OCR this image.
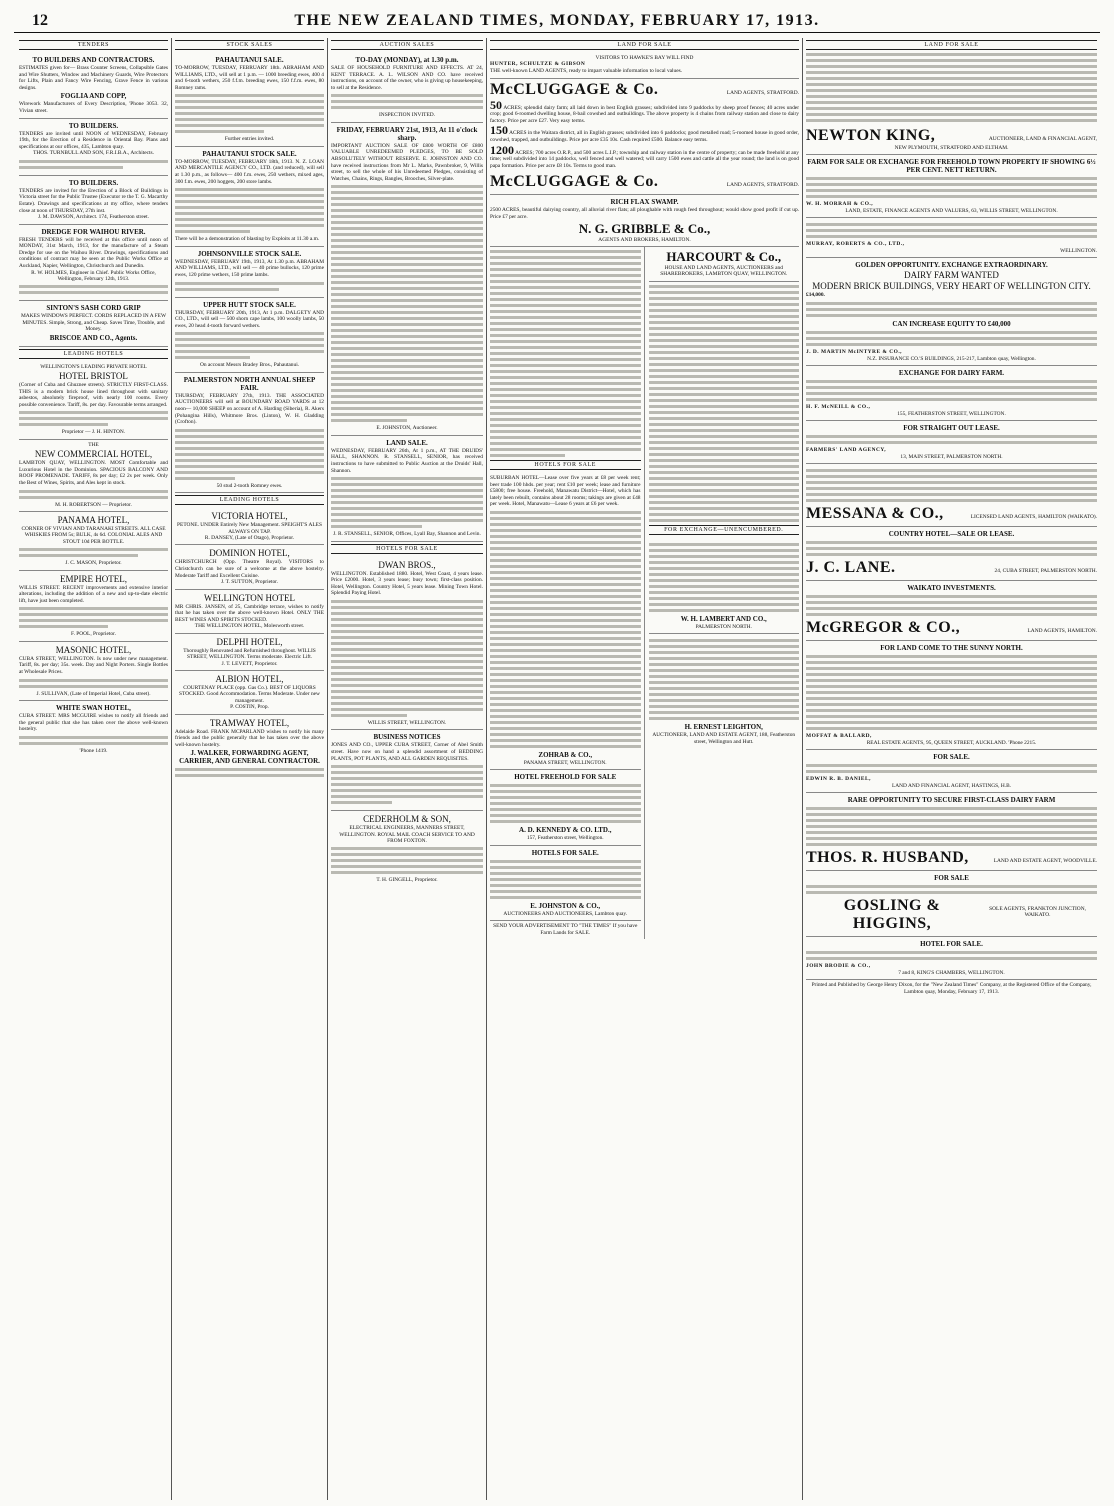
12	THE NEW ZEALAND TIMES, MONDAY, FEBRUARY 17, 1913.
TENDERS

TO BUILDERS AND CONTRACTORS.

ESTIMATES given for— Brass Counter Screens, Collapsible Gates and Wire Shutters, Window and Machinery Guards, Wire Protectors for Lifts, Plain and Fancy Wire Fencing, Grave Fence in various designs.

FOGLIA AND COPP,

Wirework Manufacturers of Every Description, 'Phone 3053. 32, Vivian street.

TO BUILDERS.

TENDERS are invited until NOON of WEDNESDAY, February 19th, for the Erection of a Residence in Oriental Bay. Plans and specifications at our offices, 435, Lambton quay.

THOS. TURNBULL AND SON, F.R.I.B.A., Architects.

TO BUILDERS.

TENDERS are invited for the Erection of a Block of Buildings in Victoria street for the Public Trustee (Executor re the T. G. Macarthy Estate). Drawings and specifications at my office, where tenders close at noon of THURSDAY, 27th inst.

J. M. DAWSON, Architect. 174, Featherston street.

DREDGE FOR WAIHOU RIVER.

FRESH TENDERS will be received at this office until noon of MONDAY, 31st March, 1913, for the manufacture of a Steam Dredge for use on the Waihou River. Drawings, specifications and conditions of contract may be seen at the Public Works Office at Auckland, Napier, Wellington, Christchurch and Dunedin.

R. W. HOLMES, Engineer in Chief. Public Works Office, Wellington, February 12th, 1913.

SINTON'S SASH CORD GRIP

MAKES WINDOWS PERFECT. CORDS REPLACED IN A FEW MINUTES. Simple, Strong, and Cheap. Saves Time, Trouble, and Money.

BRISCOE AND CO., Agents.

LEADING HOTELS

WELLINGTON'S LEADING PRIVATE HOTEL

HOTEL BRISTOL

(Corner of Cuba and Ghuznee streets). STRICTLY FIRST-CLASS. THIS is a modern brick house lined throughout with sanitary asbestos, absolutely fireproof, with nearly 100 rooms. Every possible convenience. Tariff, 8s. per day. Favourable terms arranged.

Proprietor — J. H. HINTON.

THE

NEW COMMERCIAL HOTEL,

LAMBTON QUAY, WELLINGTON. MOST Comfortable and Luxurious Hotel in the Dominion. SPACIOUS BALCONY AND ROOF PROMENADE. TARIFF, 8s per day; £2 2s per week. Only the Best of Wines, Spirits, and Ales kept in stock.

M. H. ROBERTSON — Proprietor.

PANAMA HOTEL,

CORNER OF VIVIAN AND TARANAKI STREETS. ALL CASE WHISKIES FROM 5s; BULK, 4s 6d. COLONIAL ALES AND STOUT 10d PER BOTTLE.

J. C. MASON, Proprietor.

EMPIRE HOTEL,

WILLIS STREET. RECENT improvements and extensive interior alterations, including the addition of a new and up-to-date electric lift, have just been completed.

F. POOL, Proprietor.

MASONIC HOTEL,

CUBA STREET, WELLINGTON. Is now under new management. Tariff, 8s. per day; 35s. week. Day and Night Porters. Single Bottles at Wholesale Prices.

J. SULLIVAN, (Late of Imperial Hotel, Cuba street).

WHITE SWAN HOTEL,

CUBA STREET. MRS MCGUIRE wishes to notify all friends and the general public that she has taken over the above well-known hostelry.

'Phone 1419.

STOCK SALES

PAHAUTANUI SALE.

TO-MORROW, TUESDAY, FEBRUARY 18th. ABRAHAM AND WILLIAMS, LTD., will sell at 1 p.m. — 1000 breeding ewes, 400 4 and 6-tooth wethers, 250 f.f.m. breeding ewes, 150 f.f.m. ewes, 80 Romney rams.

Further entries invited.

PAHAUTANUI STOCK SALE.

TO-MORROW, TUESDAY, FEBRUARY 18th, 1913. N. Z. LOAN AND MERCANTILE AGENCY CO., LTD. (and reduced), will sell at 1.30 p.m., as follows— 400 f.m. ewes, 250 wethers, mixed ages, 300 f.m. ewes, 200 hoggets, 200 store lambs.

There will be a demonstration of blasting by Exploits at 11.30 a.m.

JOHNSONVILLE STOCK SALE.

WEDNESDAY, FEBRUARY 19th, 1913, At 1.30 p.m. ABRAHAM AND WILLIAMS, LTD., will sell — 40 prime bullocks, 120 prime ewes, 120 prime wethers, 150 prime lambs.

UPPER HUTT STOCK SALE.

THURSDAY, FEBRUARY 20th, 1913, At 1 p.m. DALGETY AND CO., LTD., will sell — 500 shorn cape lambs, 100 woolly lambs, 50 ewes, 20 head 4-tooth forward wethers.

On account Messrs Bradey Bros., Pahautanui.

PALMERSTON NORTH ANNUAL SHEEP FAIR.

THURSDAY, FEBRUARY 27th, 1913. THE ASSOCIATED AUCTIONEERS will sell at BOUNDARY ROAD YARDS at 12 noon— 10,000 SHEEP on account of A. Harding (Siberia), R. Akers (Pohangina Hills), Whitmore Bros. (Linton), W. H. Gladding (Crofton).

50 stud 2-tooth Romney ewes.

LEADING HOTELS

VICTORIA HOTEL,

PETONE. UNDER Entirely New Management. SPEIGHT'S ALES ALWAYS ON TAP.

R. DANSEY, (Late of Otago), Proprietor.

DOMINION HOTEL,

CHRISTCHURCH (Opp. Theatre Royal). VISITORS to Christchurch can be sure of a welcome at the above hostelry. Moderate Tariff and Excellent Cuisine.

J. T. SUTTON, Proprietor.

WELLINGTON HOTEL

MR CHRIS. JANSEN, of 25, Cambridge terrace, wishes to notify that he has taken over the above well-known Hotel. ONLY THE BEST WINES AND SPIRITS STOCKED.

THE WELLINGTON HOTEL, Molesworth street.

DELPHI HOTEL,

Thoroughly Renovated and Refurnished throughout. WILLIS STREET, WELLINGTON. Terms moderate. Electric Lift.

J. T. LEVETT, Proprietor.

ALBION HOTEL,

COURTENAY PLACE (opp. Gas Co.). BEST OF LIQUORS STOCKED. Good Accommodation. Terms Moderate. Under new management.

P. COSTIN, Prop.

TRAMWAY HOTEL,

Adelaide Road. FRANK MCPARLAND wishes to notify his many friends and the public generally that he has taken over the above well-known hostelry.

J. WALKER, FORWARDING AGENT, CARRIER, AND GENERAL CONTRACTOR.

AUCTION SALES

TO-DAY (MONDAY), at 1.30 p.m.

SALE OF HOUSEHOLD FURNITURE AND EFFECTS. AT 24, KENT TERRACE. A. L. WILSON AND CO. have received instructions, on account of the owner, who is giving up housekeeping, to sell at the Residence.

INSPECTION INVITED.

FRIDAY, FEBRUARY 21st, 1913, At 11 o'clock sharp.

IMPORTANT AUCTION SALE OF £800 WORTH OF £800 VALUABLE UNREDEEMED PLEDGES, TO BE SOLD ABSOLUTELY WITHOUT RESERVE. E. JOHNSTON AND CO. have received instructions from Mr L. Marks, Pawnbroker, 9, Willis street, to sell the whole of his Unredeemed Pledges, consisting of Watches, Chains, Rings, Bangles, Brooches, Silver-plate.

E. JOHNSTON, Auctioneer.

LAND SALE.

WEDNESDAY, FEBRUARY 26th, At 1 p.m., AT THE DRUIDS' HALL, SHANNON. R. STANSELL, SENIOR, has received instructions to have submitted to Public Auction at the Druids' Hall, Shannon.

J. R. STANSELL, SENIOR, Offices, Lyall Bay, Shannon and Levin.

HOTELS FOR SALE

DWAN BROS.,

WELLINGTON. Established 1880. Hotel, West Coast, 4 years lease. Price £2000. Hotel, 3 years lease; busy town; first-class position. Hotel, Wellington. Country Hotel, 5 years lease. Mining Town Hotel. Splendid Paying Hotel.

WILLIS STREET, WELLINGTON.

BUSINESS NOTICES

JONES AND CO., UPPER CUBA STREET, Corner of Abel Smith street. Have now on hand a splendid assortment of BEDDING PLANTS, POT PLANTS, AND ALL GARDEN REQUISITES.

CEDERHOLM & SON,

ELECTRICAL ENGINEERS, MANNERS STREET, WELLINGTON. ROYAL MAIL COACH SERVICE TO AND FROM FOXTON.

T. H. GINGELL, Proprietor.

LAND FOR SALE

VISITORS TO HAWKE'S BAY WILL FIND

HUNTER, SCHULTZE & GIBSON

THE well-known LAND AGENTS, ready to impart valuable information to local values.

McCLUGGAGE & Co.	LAND AGENTS, STRATFORD.

50 ACRES; splendid dairy farm; all laid down in best English grasses; subdivided into 9 paddocks by sheep proof fences; 40 acres under crop; good 6-roomed dwelling house, 8-bail cowshed and outbuildings. The above property is 4 chains from railway station and close to dairy factory. Price per acre £27. Very easy terms.

150 ACRES in the Waitara district, all in English grasses; subdivided into 6 paddocks; good metalled road; 5-roomed house in good order, cowshed, trapped, and outbuildings. Price per acre £35 10s. Cash required £500. Balance easy terms.

1200 ACRES; 700 acres O.R.P., and 500 acres L.I.P.; township and railway station in the centre of property; can be made freehold at any time; well subdivided into 14 paddocks, well fenced and well watered; will carry 1500 ewes and cattle all the year round; the land is on good papa formation. Price per acre £8 10s. Terms to good man.

McCLUGGAGE & Co.	LAND AGENTS, STRATFORD.

RICH FLAX SWAMP.

2500 ACRES, beautiful dairying country, all alluvial river flats; all ploughable with rough feed throughout; would show good profit if cut up. Price £7 per acre.

N. G. GRIBBLE & Co.,

AGENTS AND BROKERS, HAMILTON.

HOTELS FOR SALE

SUBURBAN HOTEL—Lease over five years at £8 per week rent; beer trade 100 hhds. per year; rent £10 per week; lease and furniture £5800; free house. Freehold, Manawatu District—Hotel, which has lately been rebuilt, contains about 28 rooms; takings are given at £48 per week. Hotel, Manawatu—Lease 6 years at £6 per week.

ZOHRAB & CO.,

PANAMA STREET, WELLINGTON.

HOTEL FREEHOLD FOR SALE

A. D. KENNEDY & CO. LTD.,

157, Featherston street, Wellington.

HOTELS FOR SALE.

E. JOHNSTON & CO.,

AUCTIONEERS AND AUCTIONEERS, Lambton quay.

SEND YOUR ADVERTISEMENT TO "THE TIMES" If you have Farm Lands for SALE.

HARCOURT & Co.,

HOUSE AND LAND AGENTS, AUCTIONEERS and SHAREBROKERS, LAMBTON QUAY, WELLINGTON.

FOR EXCHANGE—UNENCUMBERED.

W. H. LAMBERT AND CO.,

PALMERSTON NORTH.

H. ERNEST LEIGHTON,

AUCTIONEER, LAND AND ESTATE AGENT, 188, Featherston street, Wellington and Hutt.

LAND FOR SALE
NEWTON KING,	AUCTIONEER, LAND & FINANCIAL AGENT,

NEW PLYMOUTH, STRATFORD AND ELTHAM.

FARM FOR SALE OR EXCHANGE FOR FREEHOLD TOWN PROPERTY IF SHOWING 6½ PER CENT. NETT RETURN.

W. H. MORRAH & CO.,

LAND, ESTATE, FINANCE AGENTS AND VALUERS, 63, WILLIS STREET, WELLINGTON.

MURRAY, ROBERTS & CO., LTD.,

WELLINGTON.

GOLDEN OPPORTUNITY. EXCHANGE EXTRAORDINARY.

DAIRY FARM WANTED

MODERN BRICK BUILDINGS, VERY HEART OF WELLINGTON CITY.

£14,000.

CAN INCREASE EQUITY TO £40,000

J. D. MARTIN McINTYRE & CO.,

N.Z. INSURANCE CO.'S BUILDINGS, 215-217, Lambton quay, Wellington.

EXCHANGE FOR DAIRY FARM.

H. F. McNEILL & CO.,

155, FEATHERSTON STREET, WELLINGTON.

FOR STRAIGHT OUT LEASE.

FARMERS' LAND AGENCY,

13, MAIN STREET, PALMERSTON NORTH.

MESSANA & CO.,	LICENSED LAND AGENTS, HAMILTON (WAIKATO).

COUNTRY HOTEL—SALE OR LEASE.

J. C. LANE.	24, CUBA STREET, PALMERSTON NORTH.

WAIKATO INVESTMENTS.

McGREGOR & CO.,	LAND AGENTS, HAMILTON.

FOR LAND COME TO THE SUNNY NORTH.

MOFFAT & BALLARD,

REAL ESTATE AGENTS, 95, QUEEN STREET, AUCKLAND. 'Phone 2215.

FOR SALE.

EDWIN R. B. DANIEL,

LAND AND FINANCIAL AGENT, HASTINGS, H.B.

RARE OPPORTUNITY TO SECURE FIRST-CLASS DAIRY FARM

THOS. R. HUSBAND,	LAND AND ESTATE AGENT, WOODVILLE.

FOR SALE

GOSLING & HIGGINS,
SOLE AGENTS, FRANKTON JUNCTION, WAIKATO.

HOTEL FOR SALE.

JOHN BRODIE & CO.,

7 and 8, KING'S CHAMBERS, WELLINGTON.

Printed and Published by George Henry Dixon, for the "New Zealand Times" Company, at the Registered Office of the Company, Lambton quay, Monday, February 17, 1913.
